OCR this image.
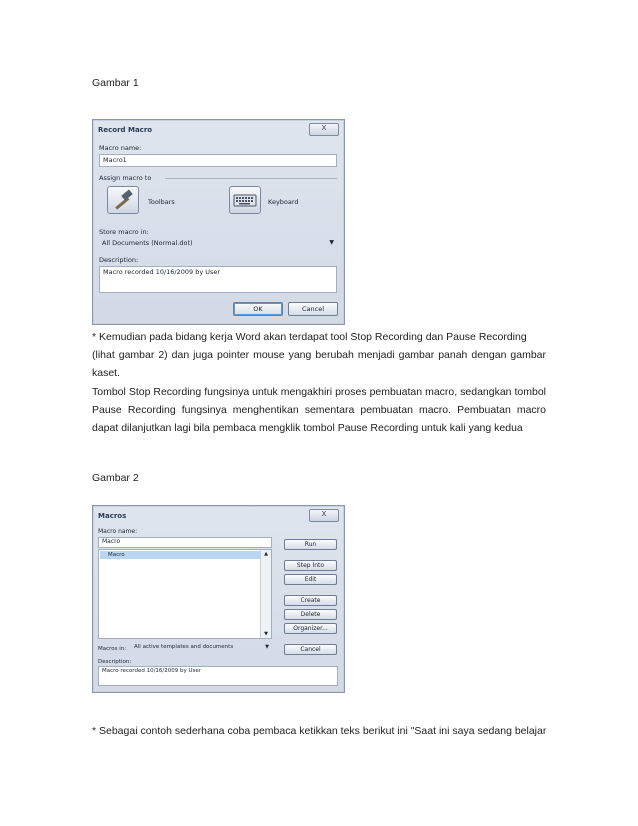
Gambar 1
Record Macro	X
Macro name:
Macro1
Assign macro to
Toolbars	Keyboard
Store macro in:
All Documents (Normal.dot)	▼
Description:
Macro recorded 10/16/2009 by User
OK	Cancel

* Kemudian pada bidang kerja Word akan terdapat tool Stop Recording dan Pause Recording

(lihat gambar 2) dan juga pointer mouse yang berubah menjadi gambar panah dengan gambar kaset.

Tombol Stop Recording fungsinya untuk mengakhiri proses pembuatan macro, sedangkan tombol Pause Recording fungsinya menghentikan sementara pembuatan macro. Pembuatan macro dapat dilanjutkan lagi bila pembaca mengklik tombol Pause Recording untuk kali yang kedua

Gambar 2
Macros	X
Macro name:
Macro
Macro	▲
▼
Run
Step Into
Edit
Create
Delete
Organizer...
Macros in:	All active templates and documents	▼	Cancel
Description:
Macro recorded 10/16/2009 by User
* Sebagai contoh sederhana coba pembaca ketikkan teks berikut ini "Saat ini saya sedang belajar
